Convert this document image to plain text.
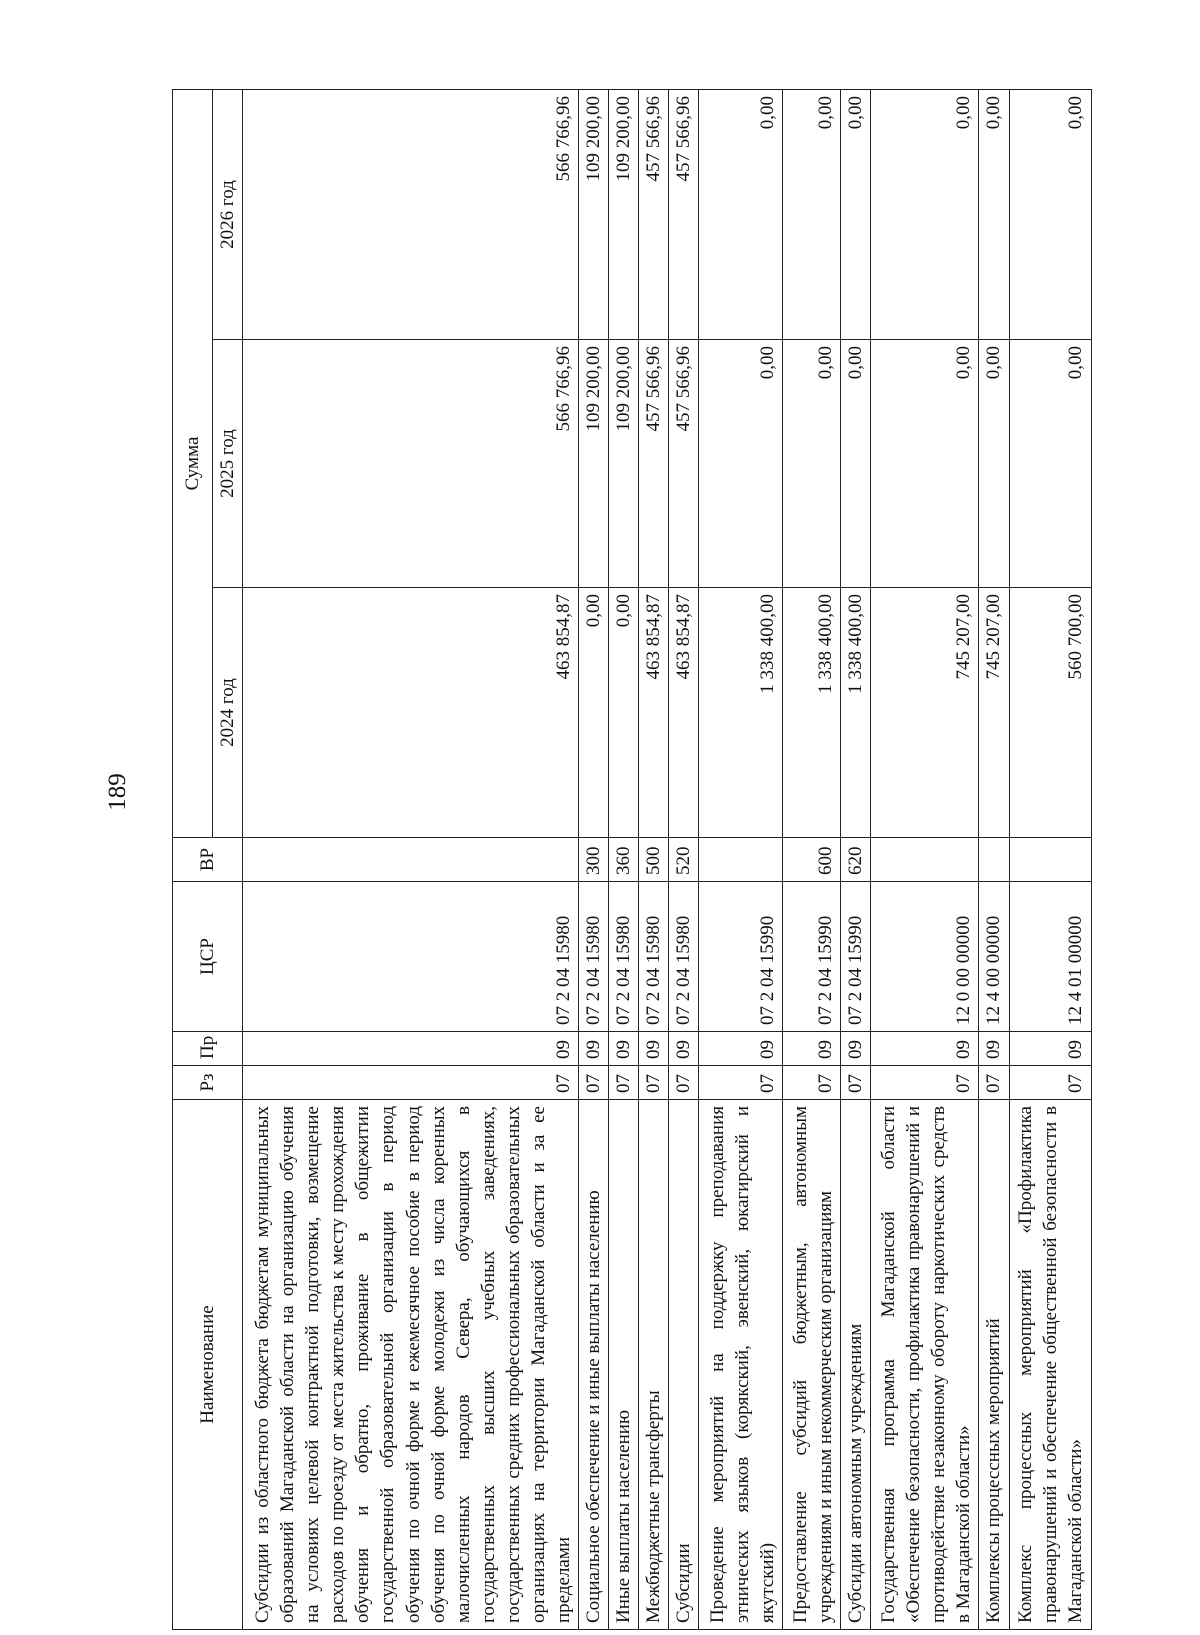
189
Наименование	Рз	Пр	ЦСР	ВР	Сумма		
					2024 год	2025 год	2026 год
Субсидии из областного бюджета бюджетам муниципальных образований Магаданской области на организацию обучения на условиях целевой контрактной подготовки, возмещение расходов по проезду от места жительства к месту прохождения обучения и обратно, проживание в общежитии государственной образовательной организации в период обучения по очной форме и ежемесячное пособие в период обучения по очной форме молодежи из числа коренных малочисленных народов Севера, обучающихся в государственных высших учебных заведениях, государственных средних профессиональных образовательных организациях на территории Магаданской области и за ее пределами	07	09	07 2 04 15980		463 854,87	566 766,96	566 766,96
Социальное обеспечение и иные выплаты населению	07	09	07 2 04 15980	300	0,00	109 200,00	109 200,00
Иные выплаты населению	07	09	07 2 04 15980	360	0,00	109 200,00	109 200,00
Межбюджетные трансферты	07	09	07 2 04 15980	500	463 854,87	457 566,96	457 566,96
Субсидии	07	09	07 2 04 15980	520	463 854,87	457 566,96	457 566,96
Проведение мероприятий на поддержку преподавания этнических языков (корякский, эвенский, юкагирский и якутский)	07	09	07 2 04 15990		1 338 400,00	0,00	0,00
Предоставление субсидий бюджетным, автономным учреждениям и иным некоммерческим организациям	07	09	07 2 04 15990	600	1 338 400,00	0,00	0,00
Субсидии автономным учреждениям	07	09	07 2 04 15990	620	1 338 400,00	0,00	0,00
Государственная программа Магаданской области «Обеспечение безопасности, профилактика правонарушений и противодействие незаконному обороту наркотических средств в Магаданской области»	07	09	12 0 00 00000		745 207,00	0,00	0,00
Комплексы процессных мероприятий	07	09	12 4 00 00000		745 207,00	0,00	0,00
Комплекс процессных мероприятий «Профилактика правонарушений и обеспечение общественной безопасности в Магаданской области»	07	09	12 4 01 00000		560 700,00	0,00	0,00
